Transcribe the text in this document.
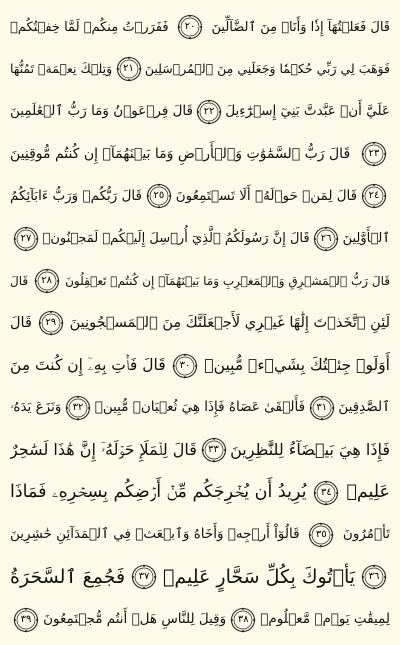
قَالَ فَعَلۡتُهَآ إِذٗا وَأَنَا۠ مِنَ ٱلضَّآلِّينَ
٢٠
فَفَرَرۡتُ مِنكُمۡ لَمَّا خِفۡتُكُمۡ
فَوَهَبَ لِي رَبِّي حُكۡمٗا وَجَعَلَنِي مِنَ ٱلۡمُرۡسَلِينَ
٢١
وَتِلۡكَ نِعۡمَةٞ تَمُنُّهَا
عَلَيَّ أَنۡ عَبَّدتَّ بَنِيٓ إِسۡرَٰٓءِيلَ
٢٢
قَالَ فِرۡعَوۡنُ وَمَا رَبُّ ٱلۡعَٰلَمِينَ
٢٣
قَالَ رَبُّ ٱلسَّمَٰوَٰتِ وَٱلۡأَرۡضِ وَمَا بَيۡنَهُمَآۖ إِن كُنتُم مُّوقِنِينَ
٢٤
قَالَ لِمَنۡ حَوۡلَهُۥٓ أَلَا تَسۡتَمِعُونَ
٢٥
قَالَ رَبُّكُمۡ وَرَبُّ ءَابَآئِكُمُ
ٱلۡأَوَّلِينَ
٢٦
قَالَ إِنَّ رَسُولَكُمُ ٱلَّذِيٓ أُرۡسِلَ إِلَيۡكُمۡ لَمَجۡنُونٞ
٢٧
قَالَ رَبُّ ٱلۡمَشۡرِقِ وَٱلۡمَغۡرِبِ وَمَا بَيۡنَهُمَآۖ إِن كُنتُمۡ تَعۡقِلُونَ
٢٨
قَالَ
لَئِنِ ٱتَّخَذۡتَ إِلَٰهًا غَيۡرِي لَأَجۡعَلَنَّكَ مِنَ ٱلۡمَسۡجُونِينَ
٢٩
قَالَ
أَوَلَوۡ جِئۡتُكَ بِشَيۡءٖ مُّبِينٖ
٣٠
قَالَ فَأۡتِ بِهِۦٓ إِن كُنتَ مِنَ
ٱلصَّٰدِقِينَ
٣١
فَأَلۡقَىٰ عَصَاهُ فَإِذَا هِيَ ثُعۡبَانٞ مُّبِينٞ
٣٢
وَنَزَعَ يَدَهُۥ
فَإِذَا هِيَ بَيۡضَآءُ لِلنَّٰظِرِينَ
٣٣
قَالَ لِلۡمَلَإِ حَوۡلَهُۥٓ إِنَّ هَٰذَا لَسَٰحِرٌ
عَلِيمٞ
٣٤
يُرِيدُ أَن يُخۡرِجَكُم مِّنۡ أَرۡضِكُم بِسِحۡرِهِۦ فَمَاذَا
تَأۡمُرُونَ
٣٥
قَالُوٓاْ أَرۡجِهۡ وَأَخَاهُ وَٱبۡعَثۡ فِي ٱلۡمَدَآئِنِ حَٰشِرِينَ
٣٦
يَأۡتُوكَ بِكُلِّ سَحَّارٍ عَلِيمٖ
٣٧
فَجُمِعَ ٱلسَّحَرَةُ
لِمِيقَٰتِ يَوۡمٖ مَّعۡلُومٖ
٣٨
وَقِيلَ لِلنَّاسِ هَلۡ أَنتُم مُّجۡتَمِعُونَ
٣٩
